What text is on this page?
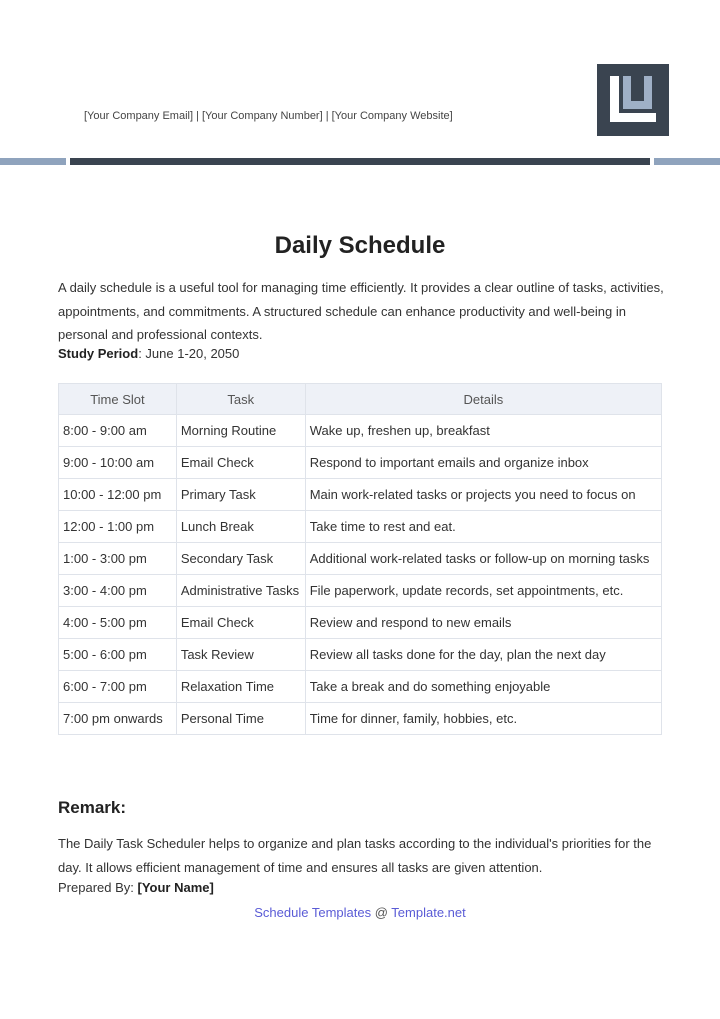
[Your Company Email] | [Your Company Number] | [Your Company Website]
Daily Schedule
A daily schedule is a useful tool for managing time efficiently. It provides a clear outline of tasks, activities, appointments, and commitments. A structured schedule can enhance productivity and well-being in personal and professional contexts.
Study Period: June 1-20, 2050
Time Slot	Task	Details
8:00 - 9:00 am	Morning Routine	Wake up, freshen up, breakfast
9:00 - 10:00 am	Email Check	Respond to important emails and organize inbox
10:00 - 12:00 pm	Primary Task	Main work-related tasks or projects you need to focus on
12:00 - 1:00 pm	Lunch Break	Take time to rest and eat.
1:00 - 3:00 pm	Secondary Task	Additional work-related tasks or follow-up on morning tasks
3:00 - 4:00 pm	Administrative Tasks	File paperwork, update records, set appointments, etc.
4:00 - 5:00 pm	Email Check	Review and respond to new emails
5:00 - 6:00 pm	Task Review	Review all tasks done for the day, plan the next day
6:00 - 7:00 pm	Relaxation Time	Take a break and do something enjoyable
7:00 pm onwards	Personal Time	Time for dinner, family, hobbies, etc.
Remark:
The Daily Task Scheduler helps to organize and plan tasks according to the individual's priorities for the day. It allows efficient management of time and ensures all tasks are given attention.
Prepared By: [Your Name]
Schedule Templates @ Template.net
